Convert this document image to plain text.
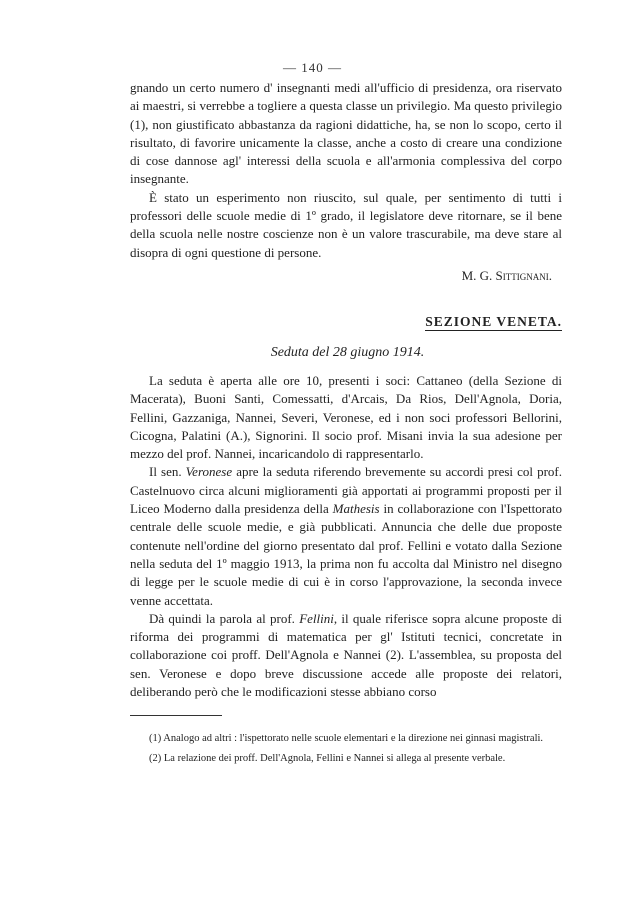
— 140 —

gnando un certo numero d' insegnanti medi all'ufficio di presidenza, ora riservato ai maestri, si verrebbe a togliere a questa classe un privilegio. Ma questo privilegio (1), non giustificato abbastanza da ragioni didattiche, ha, se non lo scopo, certo il risultato, di favorire unicamente la classe, anche a costo di creare una condizione di cose dannose agl' interessi della scuola e all'armonia complessiva del corpo insegnante.

È stato un esperimento non riuscito, sul quale, per sentimento di tutti i professori delle scuole medie di 1º grado, il legislatore deve ritornare, se il bene della scuola nelle nostre coscienze non è un valore trascurabile, ma deve stare al disopra di ogni questione di persone.

M. G. Sittignani.

SEZIONE VENETA.
Seduta del 28 giugno 1914.

La seduta è aperta alle ore 10, presenti i soci: Cattaneo (della Sezione di Macerata), Buoni Santi, Comessatti, d'Arcais, Da Rios, Dell'Agnola, Doria, Fellini, Gazzaniga, Nannei, Severi, Veronese, ed i non soci professori Bellorini, Cicogna, Palatini (A.), Signorini. Il socio prof. Misani invia la sua adesione per mezzo del prof. Nannei, incaricandolo di rappresentarlo.

Il sen. Veronese apre la seduta riferendo brevemente su accordi presi col prof. Castelnuovo circa alcuni miglioramenti già apportati ai programmi proposti per il Liceo Moderno dalla presidenza della Mathesis in collaborazione con l'Ispettorato centrale delle scuole medie, e già pubblicati. Annuncia che delle due proposte contenute nell'ordine del giorno presentato dal prof. Fellini e votato dalla Sezione nella seduta del 1º maggio 1913, la prima non fu accolta dal Ministro nel disegno di legge per le scuole medie di cui è in corso l'approvazione, la seconda invece venne accettata.

Dà quindi la parola al prof. Fellini, il quale riferisce sopra alcune proposte di riforma dei programmi di matematica per gl' Istituti tecnici, concretate in collaborazione coi proff. Dell'Agnola e Nannei (2). L'assemblea, su proposta del sen. Veronese e dopo breve discussione accede alle proposte dei relatori, deliberando però che le modificazioni stesse abbiano corso

(1) Analogo ad altri : l'ispettorato nelle scuole elementari e la direzione nei ginnasi magistrali.

(2) La relazione dei proff. Dell'Agnola, Fellini e Nannei si allega al presente verbale.
